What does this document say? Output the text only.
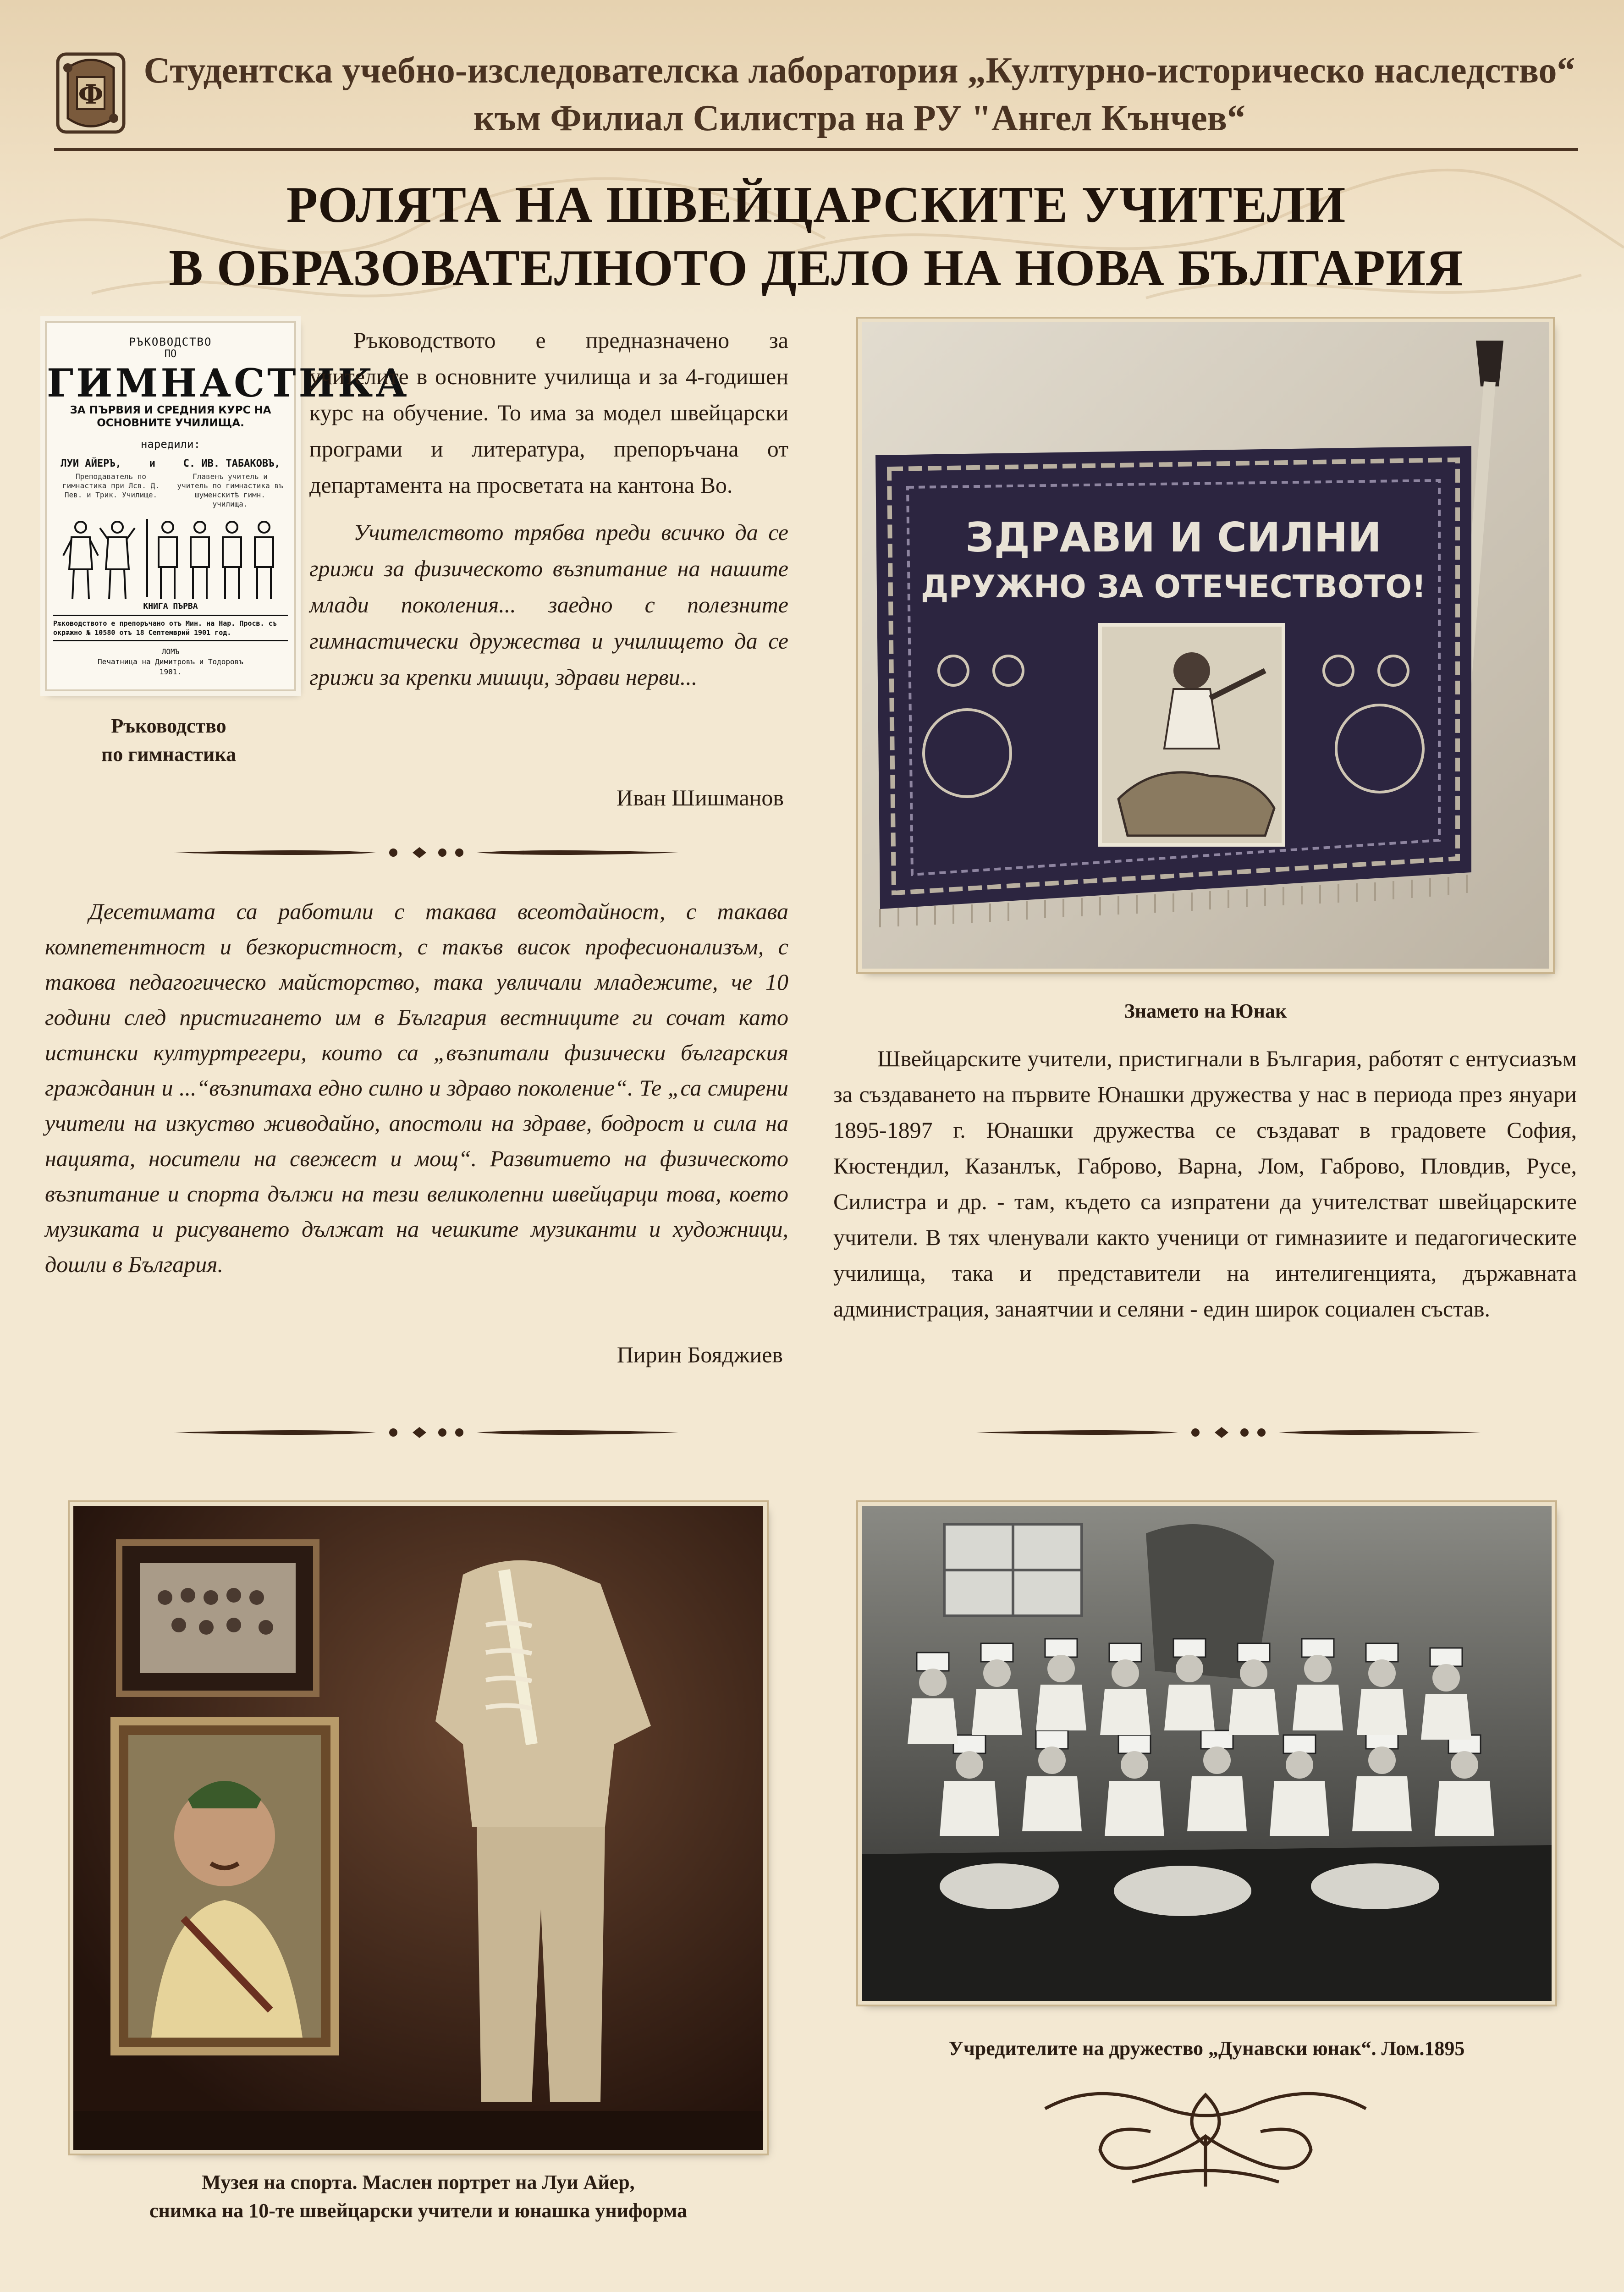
Ф
Студентска учебно-изследователска лаборатория „Културно-историческо наследство“
към Филиал Силистра на РУ "Ангел Кънчев“
РОЛЯТА НА ШВЕЙЦАРСКИТЕ УЧИТЕЛИ
В ОБРАЗОВАТЕЛНОТО ДЕЛО НА НОВА БЪЛГАРИЯ
РЪКОВОДСТВО
ПО
ГИМНАСТИКА
ЗА ПЪРВИЯ И СРЕДНИЯ КУРС НА ОСНОВНИТЕ УЧИЛИЩА.
наредили:
ЛУИ АЙЕРЪ,	и	С. ИВ. ТАБАКОВЪ,
Преподаватель по гимнастика при Лсв. Д. Пев. и Трик. Училище.
Главенъ учитель и учитель по гимнастика въ шуменскитѣ гимн. училища.
КНИГА ПЪРВА
Рѫководството е препоръчано отъ Мин. на Нар. Просв. съ окрѫжно № 10580 отъ 18 Септемврий 1901 год.
ЛОМЪ
Печатница на Димитровъ и Тодоровъ
1901.
Ръководство
по гимнастика

Ръководството е предназначено за учителите в основните училища и за 4-годишен курс на обучение. То има за модел швейцарски програми и литература, препоръчана от департамента на просветата на кантона Во.

Учителството трябва преди всичко да се грижи за физическото възпитание на нашите млади поколения... заедно с полезните гимнастически дружества и училището да се грижи за крепки мишци, здрави нерви...

Иван Шишманов
Десетимата са работили с такава всеотдайност, с такава компетентност и безкористност, с такъв висок професионализъм, с такова педагогическо майсторство, така увличали младежите, че 10 години след пристигането им в България вестниците ги сочат като истински културтрегери, които са „възпитали физически българския гражданин и ...“възпитаха едно силно и здраво поколение“. Те „са смирени учители на изкуство живодайно, апостоли на здраве, бодрост и сила на нацията, носители на свежест и мощ“. Развитието на физическото възпитание и спорта дължи на тези великолепни швейцарци това, което музиката и рисуването дължат на чешките музиканти и художници, дошли в България.
Пирин Бояджиев
ЗДРАВИ И СИЛНИ
ДРУЖНО ЗА ОТЕЧЕСТВОТО!
Знамето на Юнак
Швейцарските учители, пристигнали в България, работят с ентусиазъм за създаването на първите Юнашки дружества у нас в периода през януари 1895-1897 г. Юнашки дружества се създават в градовете София, Кюстендил, Казанлък, Габрово, Варна, Лом, Габрово, Пловдив, Русе, Силистра и др. - там, където са изпратени да учителстват швейцарските учители. В тях членували както ученици от гимназиите и педагогическите училища, така и представители на интелигенцията, държавната администрация, занаятчии и селяни - един широк социален състав.
Музея на спорта. Маслен портрет на Луи Айер,
снимка на 10-те швейцарски учители и юнашка униформа
Учредителите на дружество „Дунавски юнак“. Лом.1895
